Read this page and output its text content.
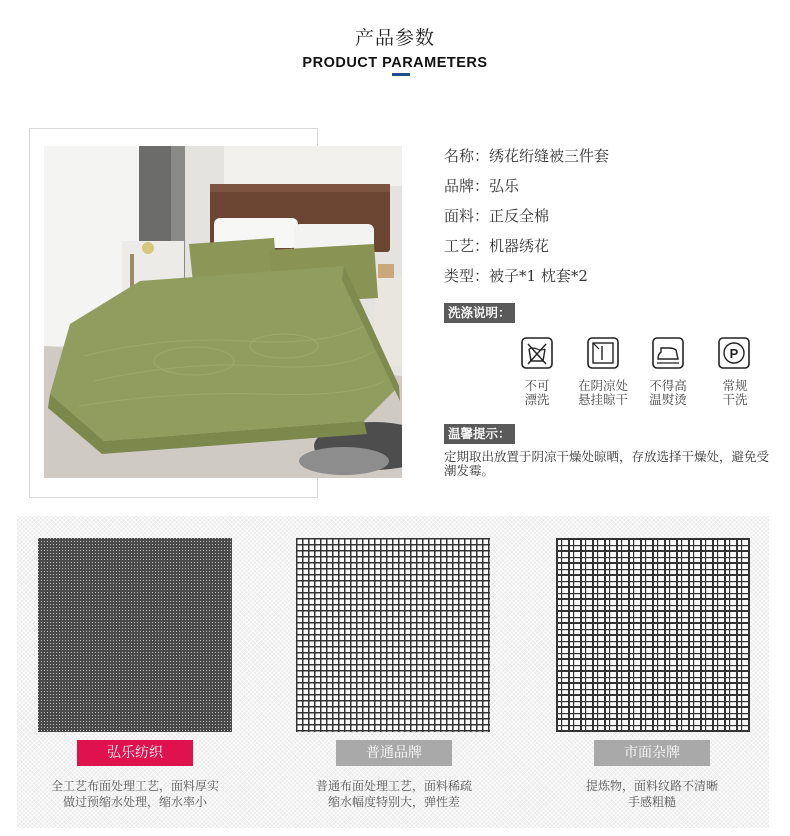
产品参数
PRODUCT PARAMETERS
名称：绣花绗缝被三件套
品牌：弘乐
面料：正反全棉
工艺：机器绣花
类型：被子*1 枕套*2
洗涤说明：
P
不可
漂洗
在阴凉处
悬挂晾干
不得高
温熨烫
常规
干洗
温馨提示：
定期取出放置于阴凉干燥处晾晒，存放选择干燥处，避免受潮发霉。
弘乐纺织	普通品牌	市面杂牌
全工艺布面处理工艺，面料厚实
做过预缩水处理，缩水率小
普通布面处理工艺，面料稀疏
缩水幅度特别大，弹性差
提炼物，面料纹路不清晰
手感粗糙
